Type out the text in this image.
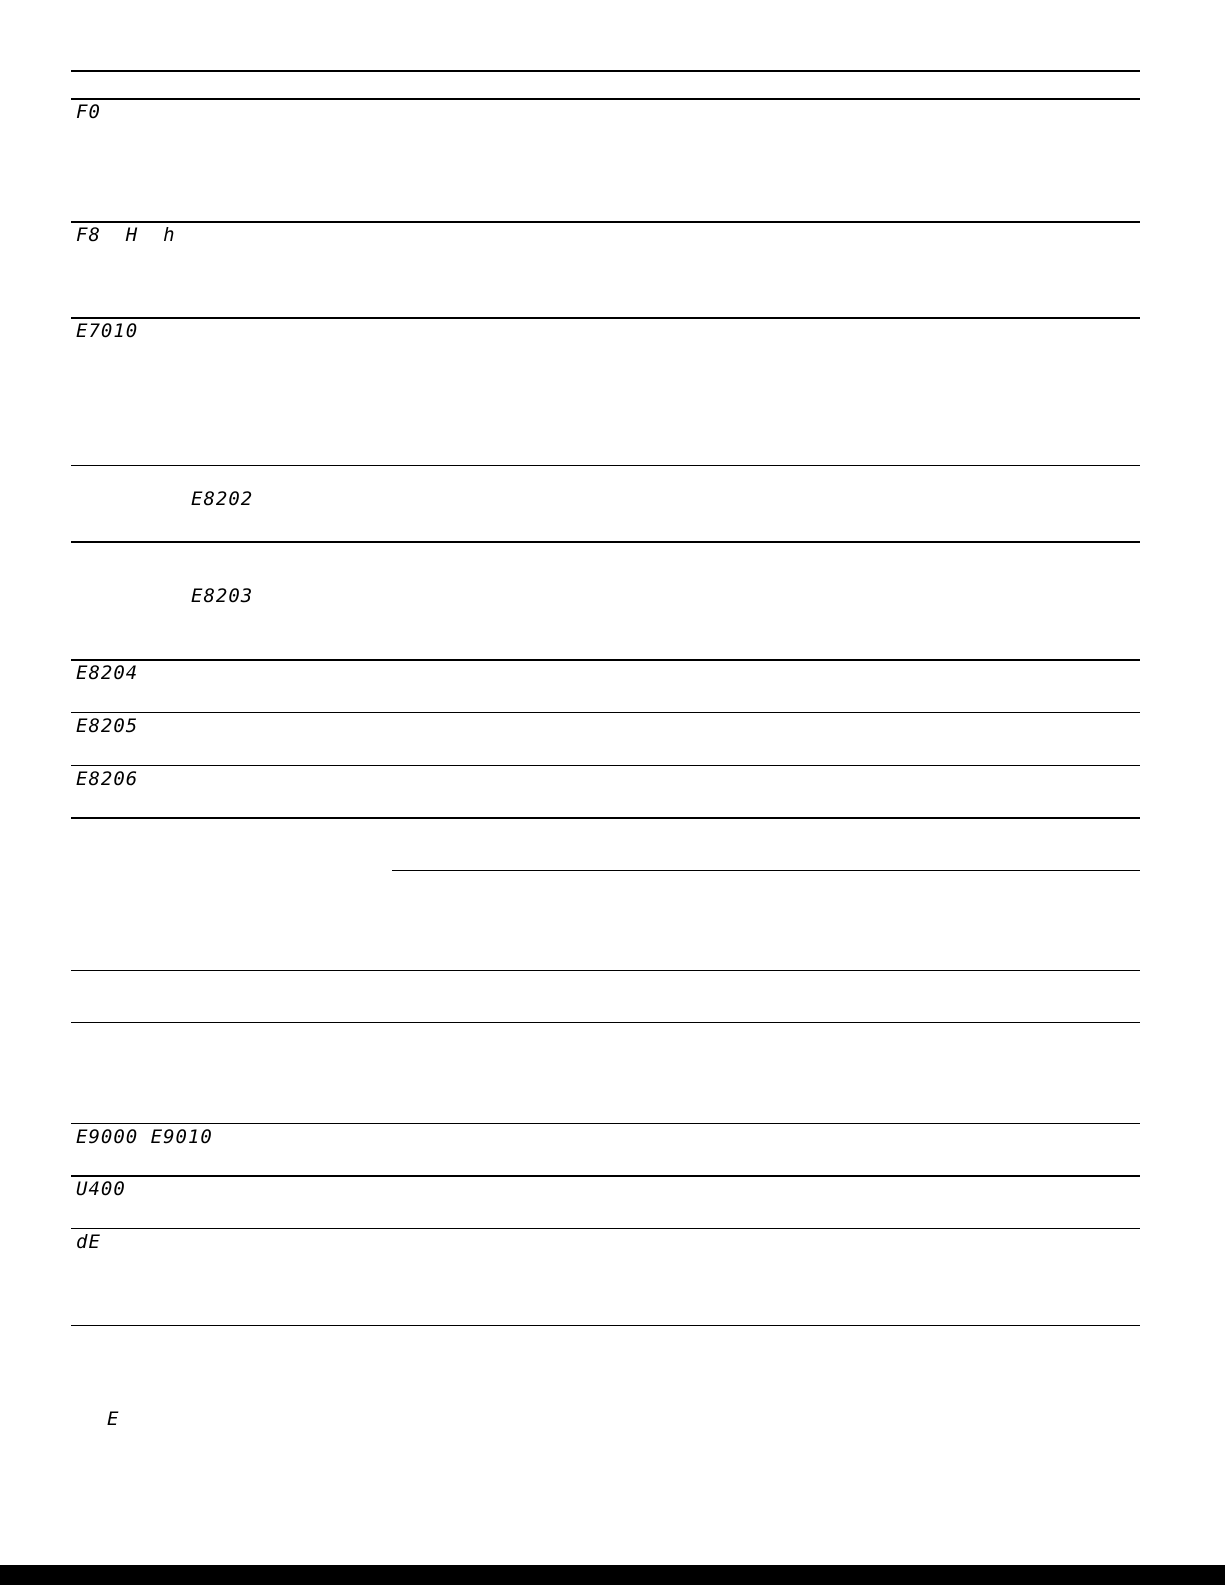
F0
F8  H  h
E7010
E8202
E8203
E8204
E8205
E8206
E9000 E9010
U400
dE
E
